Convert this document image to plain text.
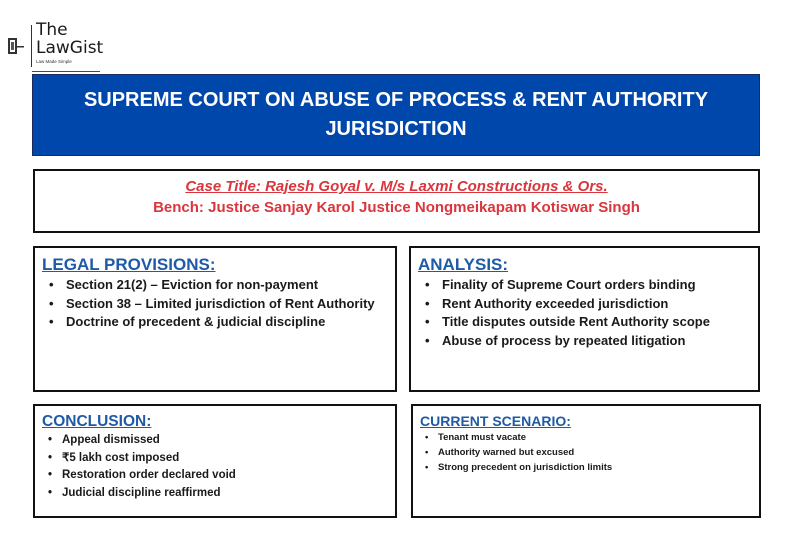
The
LawGist
Law Made Simple
SUPREME COURT ON ABUSE OF PROCESS & RENT AUTHORITY JURISDICTION
Case Title: Rajesh Goyal v. M/s Laxmi Constructions & Ors.
Bench: Justice Sanjay Karol Justice Nongmeikapam Kotiswar Singh
LEGAL PROVISIONS:
• Section 21(2) – Eviction for non-payment
• Section 38 – Limited jurisdiction of Rent Authority
• Doctrine of precedent & judicial discipline
ANALYSIS:
• Finality of Supreme Court orders binding
• Rent Authority exceeded jurisdiction
• Title disputes outside Rent Authority scope
• Abuse of process by repeated litigation
CONCLUSION:
• Appeal dismissed
• ₹5 lakh cost imposed
• Restoration order declared void
• Judicial discipline reaffirmed
CURRENT SCENARIO:
• Tenant must vacate
• Authority warned but excused
• Strong precedent on jurisdiction limits
